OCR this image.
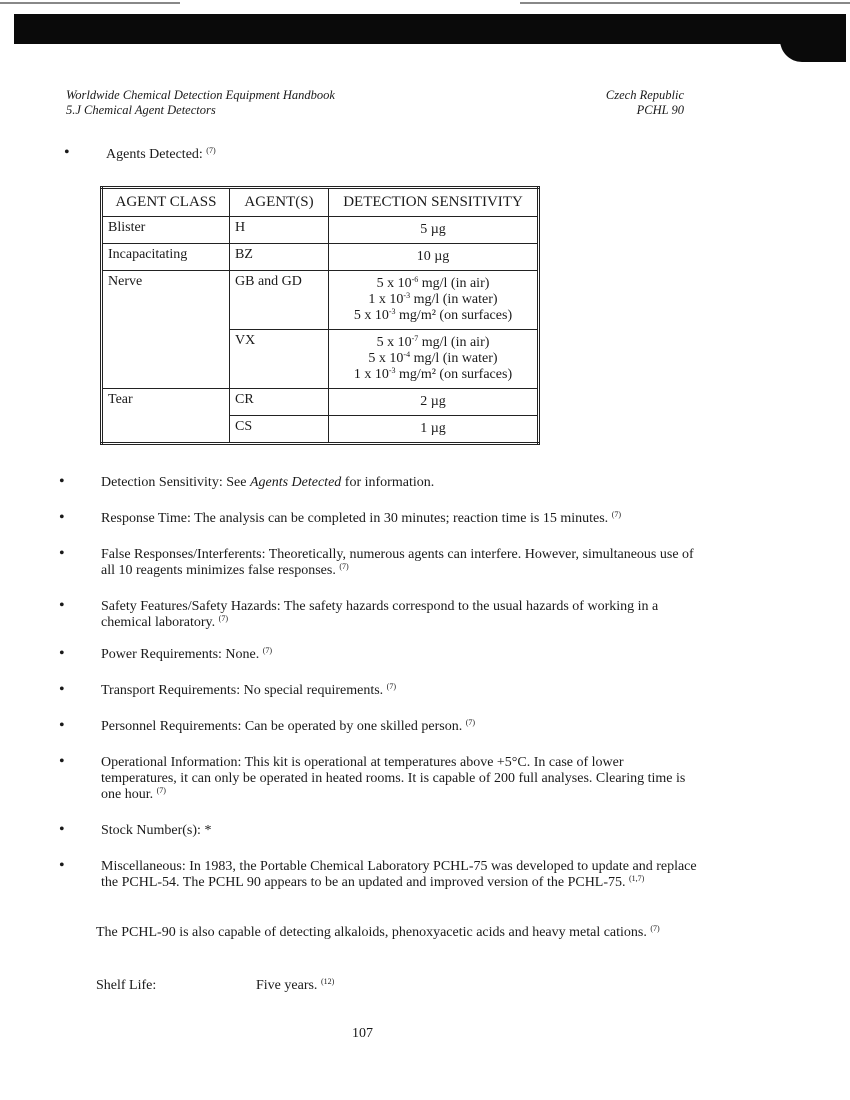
Worldwide Chemical Detection Equipment Handbook
5.J Chemical Agent Detectors
Czech Republic
PCHL 90
•	Agents Detected: $^{(7)}$
AGENT CLASS	AGENT(S)	DETECTION SENSITIVITY
Blister	H	5 µg

Incapacitating	BZ	10 µg

Nerve	GB and GD	5 x $10^{-6}$ mg/l (in air)
1 x $10^{-3}$ mg/l (in water)
5 x $10^{-3}$ mg/m² (on surfaces)

	VX	5 x $10^{-7}$ mg/l (in air)
5 x $10^{-4}$ mg/l (in water)
1 x $10^{-3}$ mg/m² (on surfaces)

Tear	CR	2 µg

	CS	1 µg
•	Detection Sensitivity: See Agents Detected for information.
•	Response Time: The analysis can be completed in 30 minutes; reaction time is 15 minutes. $^{(7)}$
•	False Responses/Interferents: Theoretically, numerous agents can interfere. However, simultaneous use of all 10 reagents minimizes false responses. $^{(7)}$
•	Safety Features/Safety Hazards: The safety hazards correspond to the usual hazards of working in a chemical laboratory. $^{(7)}$
•	Power Requirements: None. $^{(7)}$
•	Transport Requirements: No special requirements. $^{(7)}$
•	Personnel Requirements: Can be operated by one skilled person. $^{(7)}$
•	Operational Information: This kit is operational at temperatures above +5°C. In case of lower temperatures, it can only be operated in heated rooms. It is capable of 200 full analyses. Clearing time is one hour. $^{(7)}$
•	Stock Number(s): *
•	Miscellaneous: In 1983, the Portable Chemical Laboratory PCHL-75 was developed to update and replace the PCHL-54. The PCHL 90 appears to be an updated and improved version of the PCHL-75. $^{(1,7)}$
The PCHL-90 is also capable of detecting alkaloids, phenoxyacetic acids and heavy metal cations. $^{(7)}$
Shelf Life:	Five years. $^{(12)}$
107
